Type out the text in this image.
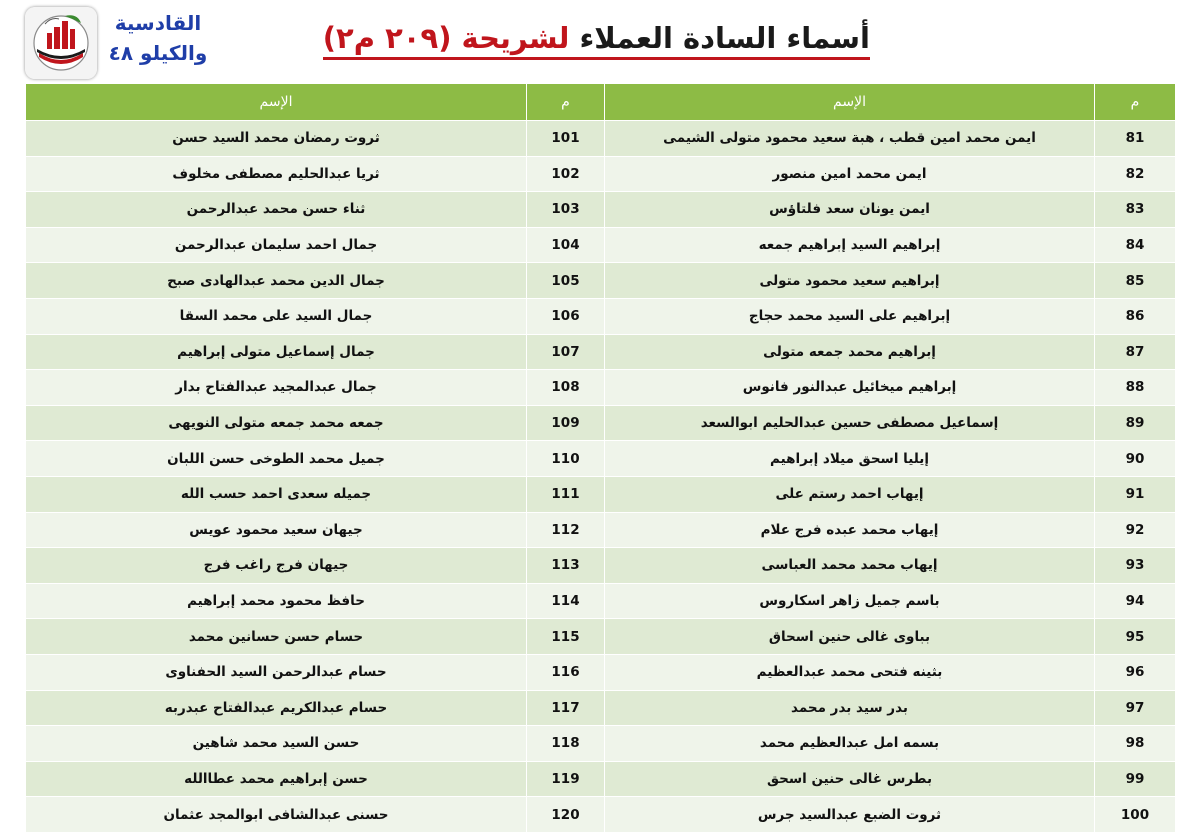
القادسية
والكيلو ٤٨	أسماء السادة العملاء لشريحة (٢٠٩ م٢)
م	الإسم	م	الإسم
81	ايمن محمد امين قطب ، هبة سعيد محمود متولى الشيمى	101	ثروت رمضان محمد السيد حسن
82	ايمن محمد امين منصور	102	ثريا عبدالحليم مصطفى مخلوف
83	ايمن يونان سعد فلتاؤس	103	ثناء حسن محمد عبدالرحمن
84	إبراهيم السيد إبراهيم جمعه	104	جمال احمد سليمان عبدالرحمن
85	إبراهيم سعيد محمود متولى	105	جمال الدين محمد عبدالهادى صبح
86	إبراهيم على السيد محمد حجاج	106	جمال السيد على محمد السقا
87	إبراهيم محمد جمعه متولى	107	جمال إسماعيل متولى إبراهيم
88	إبراهيم ميخائيل عبدالنور فانوس	108	جمال عبدالمجيد عبدالفتاح بدار
89	إسماعيل مصطفى حسين عبدالحليم ابوالسعد	109	جمعه محمد جمعه متولى النويهى
90	إيليا اسحق ميلاد إبراهيم	110	جميل محمد الطوخى حسن اللبان
91	إيهاب احمد رستم على	111	جميله سعدى احمد حسب الله
92	إيهاب محمد عبده فرج علام	112	جيهان سعيد محمود عويس
93	إيهاب محمد محمد العباسى	113	جيهان فرج راغب فرج
94	باسم جميل زاهر اسكاروس	114	حافظ محمود محمد إبراهيم
95	بباوى غالى حنين اسحاق	115	حسام حسن حسانين محمد
96	بثينه فتحى محمد عبدالعظيم	116	حسام عبدالرحمن السيد الحفناوى
97	بدر سيد بدر محمد	117	حسام عبدالكريم عبدالفتاح عبدربه
98	بسمه امل عبدالعظيم محمد	118	حسن السيد محمد شاهين
99	بطرس غالى حنين اسحق	119	حسن إبراهيم محمد عطاالله
100	ثروت الضبع عبدالسيد جرس	120	حسنى عبدالشافى ابوالمجد عثمان
